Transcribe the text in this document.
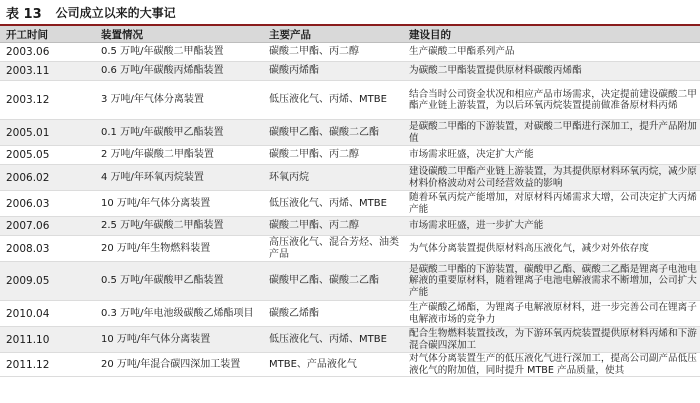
表 13 公司成立以来的大事记
开工时间	装置情况	主要产品	建设目的
2003.06	0.5 万吨/年碳酸二甲酯装置	碳酸二甲酯、丙二醇	生产碳酸二甲酯系列产品
2003.11	0.6 万吨/年碳酸丙烯酯装置	碳酸丙烯酯	为碳酸二甲酯装置提供原材料碳酸丙烯酯
2003.12	3 万吨/年气体分离装置	低压液化气、丙烯、MTBE	结合当时公司资金状况和相应产品市场需求，决定提前建设碳酸二甲酯产业链上游装置，为以后环氧丙烷装置提前做准备原材料丙烯
2005.01	0.1 万吨/年碳酸甲乙酯装置	碳酸甲乙酯、碳酸二乙酯	是碳酸二甲酯的下游装置，对碳酸二甲酯进行深加工，提升产品附加值
2005.05	2 万吨/年碳酸二甲酯装置	碳酸二甲酯、丙二醇	市场需求旺盛，决定扩大产能
2006.02	4 万吨/年环氧丙烷装置	环氧丙烷	建设碳酸二甲酯产业链上游装置，为其提供原材料环氧丙烷，减少原材料价格波动对公司经营效益的影响
2006.03	10 万吨/年气体分离装置	低压液化气、丙烯、MTBE	随着环氧丙烷产能增加，对原材料丙烯需求大增，公司决定扩大丙烯产能
2007.06	2.5 万吨/年碳酸二甲酯装置	碳酸二甲酯、丙二醇	市场需求旺盛，进一步扩大产能
2008.03	20 万吨/年生物燃料装置	高压液化气、混合芳烃、油类产品	为气体分离装置提供原材料高压液化气，减少对外依存度
2009.05	0.5 万吨/年碳酸甲乙酯装置	碳酸甲乙酯、碳酸二乙酯	是碳酸二甲酯的下游装置，碳酸甲乙酯、碳酸二乙酯是锂离子电池电解液的重要原材料，随着锂离子电池电解液需求不断增加，公司扩大产能
2010.04	0.3 万吨/年电池级碳酸乙烯酯项目	碳酸乙烯酯	生产碳酸乙烯酯，为锂离子电解液原材料，进一步完善公司在锂离子电解液市场的竞争力
2011.10	10 万吨/年气体分离装置	低压液化气、丙烯、MTBE	配合生物燃料装置技改，为下游环氧丙烷装置提供原材料丙烯和下游混合碳四深加工
2011.12	20 万吨/年混合碳四深加工装置	MTBE、产品液化气	对气体分离装置生产的低压液化气进行深加工，提高公司副产品低压液化气的附加值，同时提升 MTBE 产品质量，使其
